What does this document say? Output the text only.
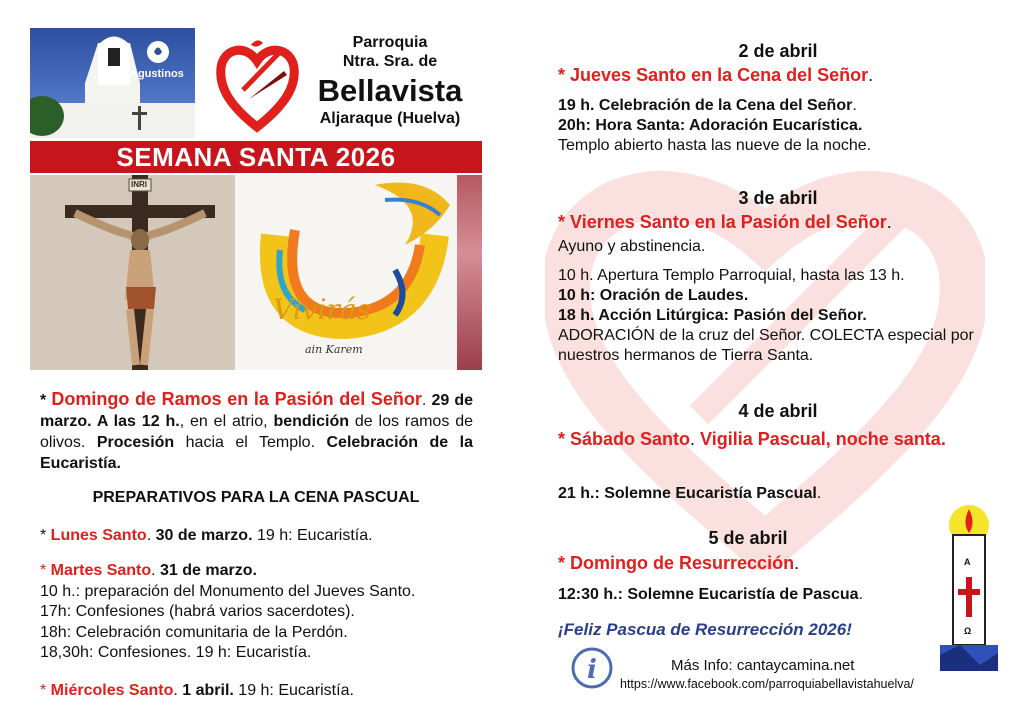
Agustinos
Parroquia
Ntra. Sra. de
Bellavista
Aljaraque (Huelva)
SEMANA SANTA 2026
INRI
Vivirás
ain Karem
* Domingo de Ramos en la Pasión del Señor. 29 de marzo. A las 12 h., en el atrio, bendición de los ramos de olivos. Procesión hacia el Templo. Celebración de la Eucaristía.
PREPARATIVOS PARA LA CENA PASCUAL
* Lunes Santo. 30 de marzo. 19 h: Eucaristía.
* Martes Santo. 31 de marzo.
10 h.: preparación del Monumento del Jueves Santo.
17h: Confesiones (habrá varios sacerdotes).
18h: Celebración comunitaria de la Perdón.
18,30h: Confesiones. 19 h: Eucaristía.
* Miércoles Santo. 1 abril. 19 h: Eucaristía.
2 de abril
* Jueves Santo en la Cena del Señor.
19 h. Celebración de la Cena del Señor.
20h: Hora Santa: Adoración Eucarística.
Templo abierto hasta las nueve de la noche.
3 de abril
* Viernes Santo en la Pasión del Señor.
Ayuno y abstinencia.
10 h. Apertura Templo Parroquial, hasta las 13 h.
10 h: Oración de Laudes.
18 h. Acción Litúrgica: Pasión del Señor.
ADORACIÓN de la cruz del Señor. COLECTA especial por nuestros hermanos de Tierra Santa.
4 de abril
* Sábado Santo. Vigilia Pascual, noche santa.
21 h.: Solemne Eucaristía Pascual.
5 de abril
* Domingo de Resurrección.
12:30 h.: Solemne Eucaristía de Pascua.
¡Feliz Pascua de Resurrección 2026!
i	Más Info: cantaycamina.net
https://www.facebook.com/parroquiabellavistahuelva/
Α
Ω
